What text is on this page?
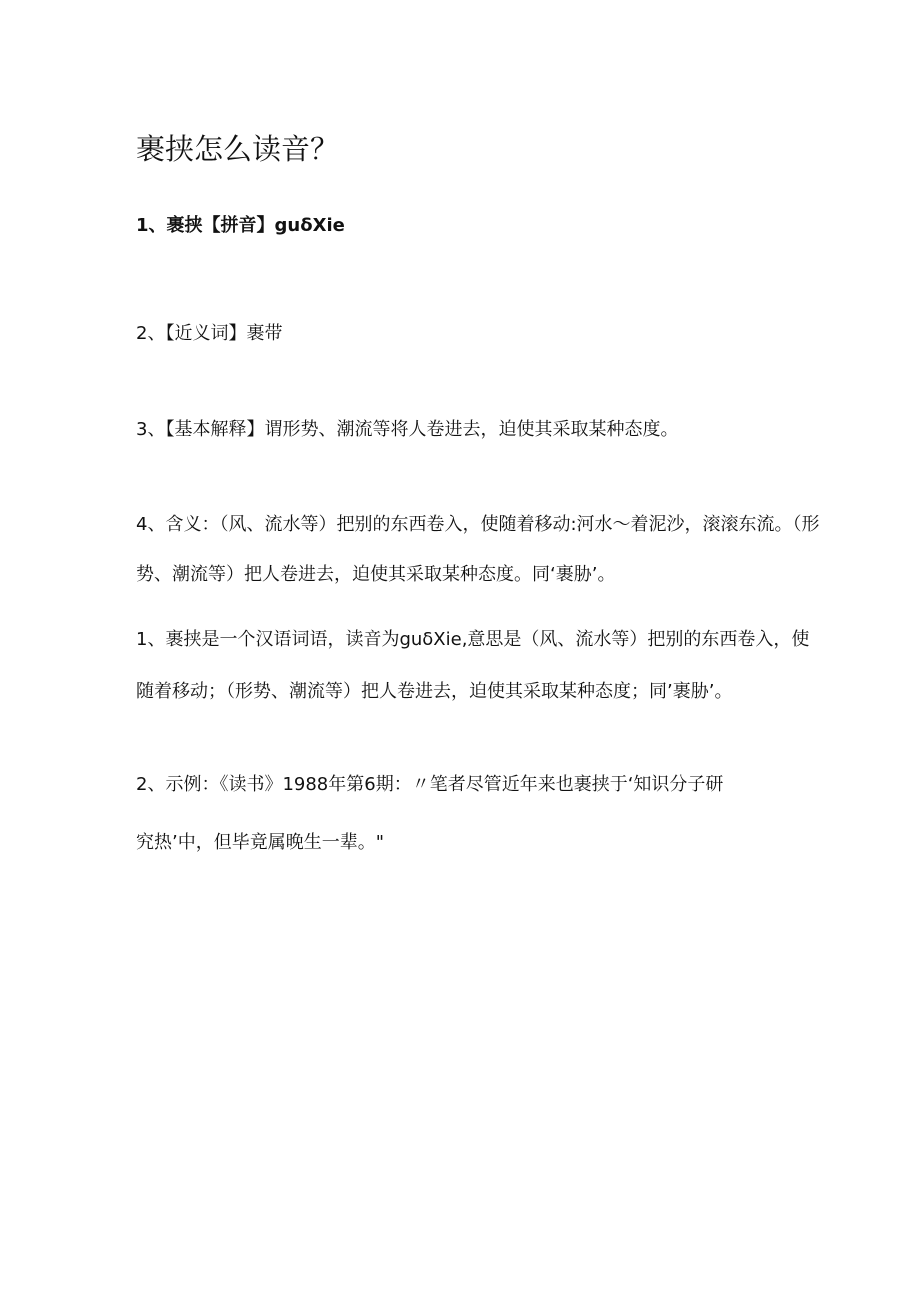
裹挟怎么读音？
1、裹挟【拼音】guδXie
2、【近义词】裹带
3、【基本解释】谓形势、潮流等将人卷进去，迫使其采取某种态度。
4、含义：（风、流水等）把别的东西卷入，使随着移动:河水～着泥沙，滚滚东流。（形
势、潮流等）把人卷进去，迫使其采取某种态度。同‘裹胁’。
1、裹挟是一个汉语词语，读音为guδXie,意思是（风、流水等）把别的东西卷入，使
随着移动；（形势、潮流等）把人卷进去，迫使其采取某种态度；同’裹胁’。
2、示例：《读书》1988年第6期：〃笔者尽管近年来也裹挟于‘知识分子研
究热’中，但毕竟属晚生一辈。"
